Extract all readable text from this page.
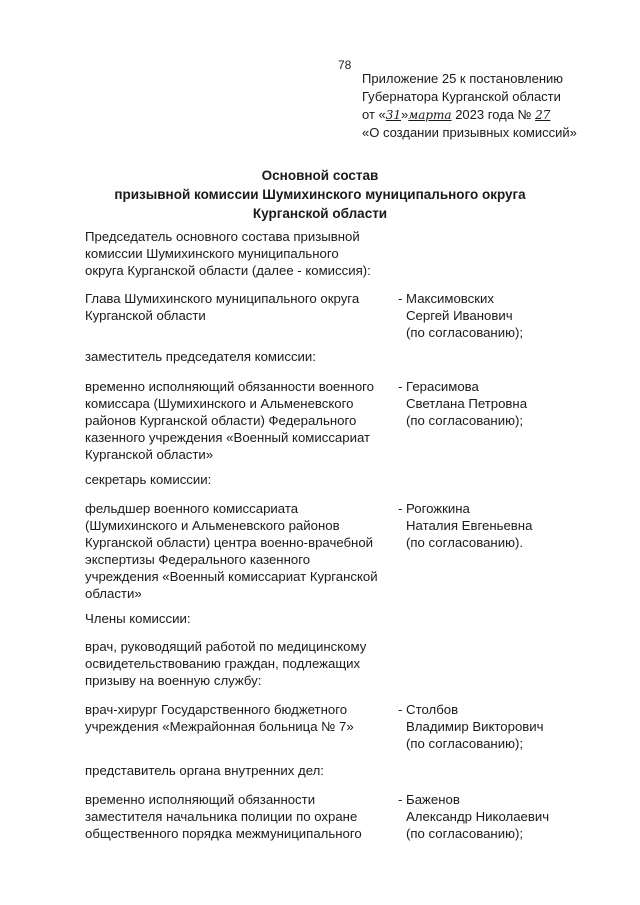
78
Приложение 25 к постановлению
Губернатора Курганской области
от «31»марта 2023 года № 27
«О создании призывных комиссий»
Основной состав
призывной комиссии Шумихинского муниципального округа
Курганской области
Председатель основного состава призывной
комиссии Шумихинского муниципального
округа Курганской области (далее - комиссия):
Глава Шумихинского муниципального округа
Курганской области
- Максимовских
Сергей Иванович
(по согласованию);
заместитель председателя комиссии:
временно исполняющий обязанности военного
комиссара (Шумихинского и Альменевского
районов Курганской области) Федерального
казенного учреждения «Военный комиссариат
Курганской области»
- Герасимова
Светлана Петровна
(по согласованию);
секретарь комиссии:
фельдшер военного комиссариата
(Шумихинского и Альменевского районов
Курганской области) центра военно-врачебной
экспертизы Федерального казенного
учреждения «Военный комиссариат Курганской
области»
- Рогожкина
Наталия Евгеньевна
(по согласованию).
Члены комиссии:
врач, руководящий работой по медицинскому
освидетельствованию граждан, подлежащих
призыву на военную службу:
врач-хирург Государственного бюджетного
учреждения «Межрайонная больница № 7»
- Столбов
Владимир Викторович
(по согласованию);
представитель органа внутренних дел:
временно исполняющий обязанности
заместителя начальника полиции по охране
общественного порядка межмуниципального
- Баженов
Александр Николаевич
(по согласованию);
